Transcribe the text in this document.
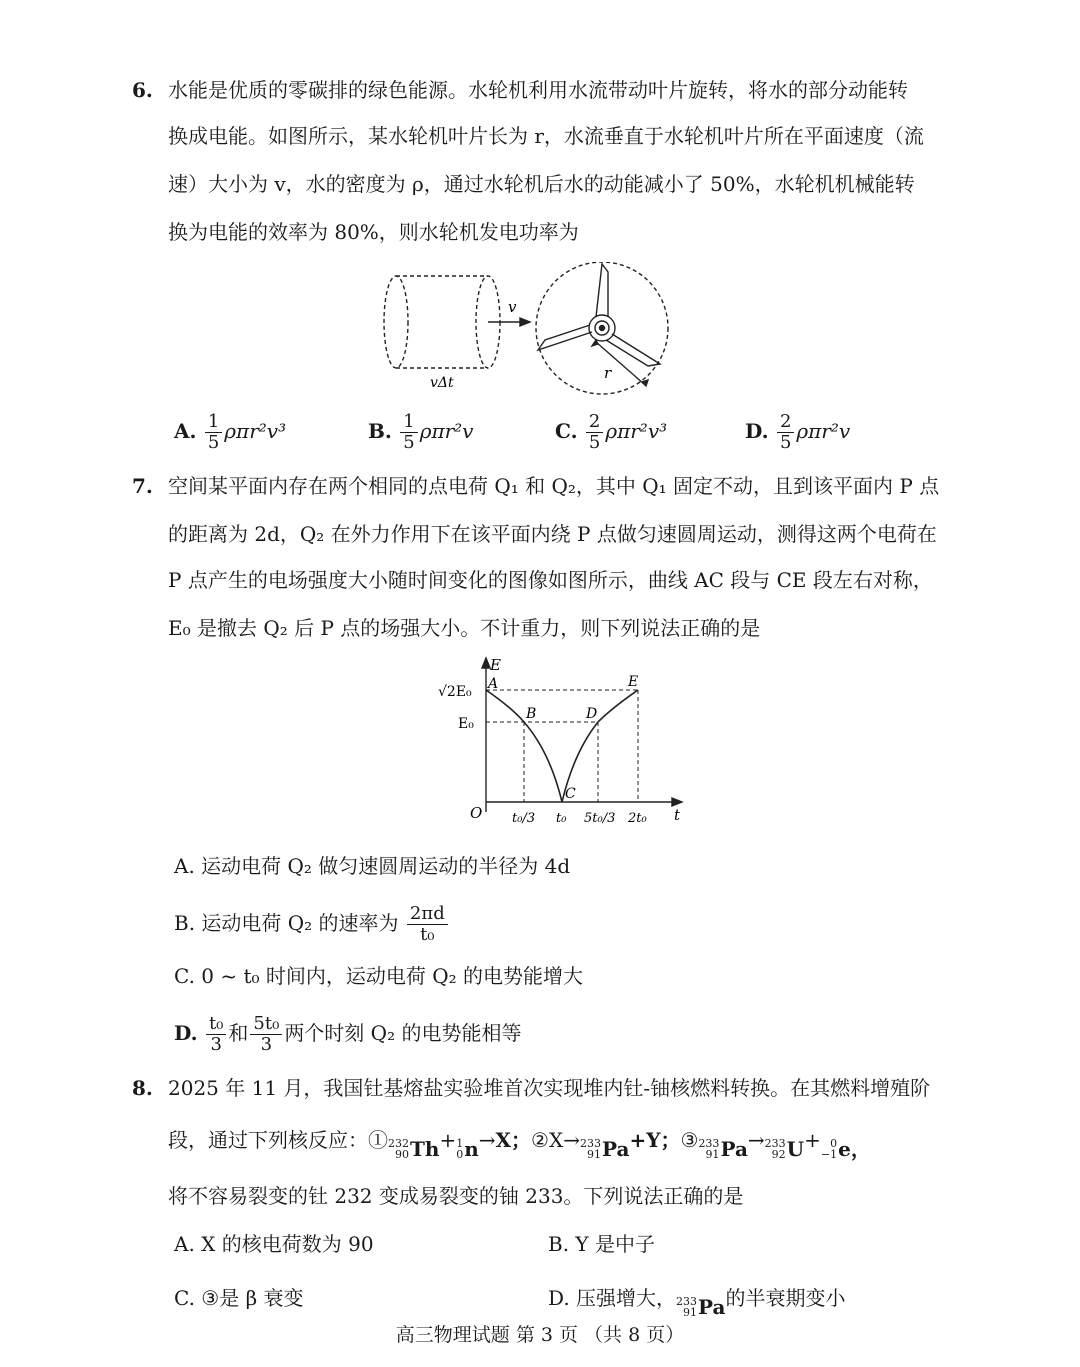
6. 水能是优质的零碳排的绿色能源。水轮机利用水流带动叶片旋转，将水的部分动能转
换成电能。如图所示，某水轮机叶片长为 r，水流垂直于水轮机叶片所在平面速度（流
速）大小为 v，水的密度为 ρ，通过水轮机后水的动能减小了 50%，水轮机机械能转
换为电能的效率为 80%，则水轮机发电功率为
vΔt
v
r
A. $\frac{1}{5} \rho\pi r^2v^3$	B. $\frac{1}{5} \rho\pi r^2v$	C. $\frac{2}{5} \rho\pi r^2v^3$	D. $\frac{2}{5} \rho\pi r^2v$
7. 空间某平面内存在两个相同的点电荷 Q₁ 和 Q₂，其中 Q₁ 固定不动，且到该平面内 P 点
的距离为 2d，Q₂ 在外力作用下在该平面内绕 P 点做匀速圆周运动，测得这两个电荷在
P 点产生的电场强度大小随时间变化的图像如图所示，曲线 AC 段与 CE 段左右对称，
E₀ 是撤去 Q₂ 后 P 点的场强大小。不计重力，则下列说法正确的是
E
t
O
√2E₀
E₀
A
B
C
D
E
t₀/3 t₀ 5t₀/3 2t₀
A. 运动电荷 Q₂ 做匀速圆周运动的半径为 4d
B. 运动电荷 Q₂ 的速率为 $\frac{2\pi d}{\text{t₀}}$
C. 0 ~ t₀ 时间内，运动电荷 Q₂ 的电势能增大
D. $\frac{\text{t₀}}{3}$ 和 $\frac{\text{5t₀}}{3}$ 两个时刻 Q₂ 的电势能相等
8. 2025 年 11 月，我国钍基熔盐实验堆首次实现堆内钍-铀核燃料转换。在其燃料增殖阶
段，通过下列核反应：① 232
90 Th + 1
0 n →X；②X→ 233
91 Pa +Y；③ 233
91 Pa → 233
92 U + 0
−1 e，
将不容易裂变的钍 232 变成易裂变的铀 233。下列说法正确的是
A. X 的核电荷数为 90	B. Y 是中子
C. ③是 β 衰变	D. 压强增大， 233
91 Pa 的半衰期变小
高三物理试题 第 3 页 （共 8 页）
